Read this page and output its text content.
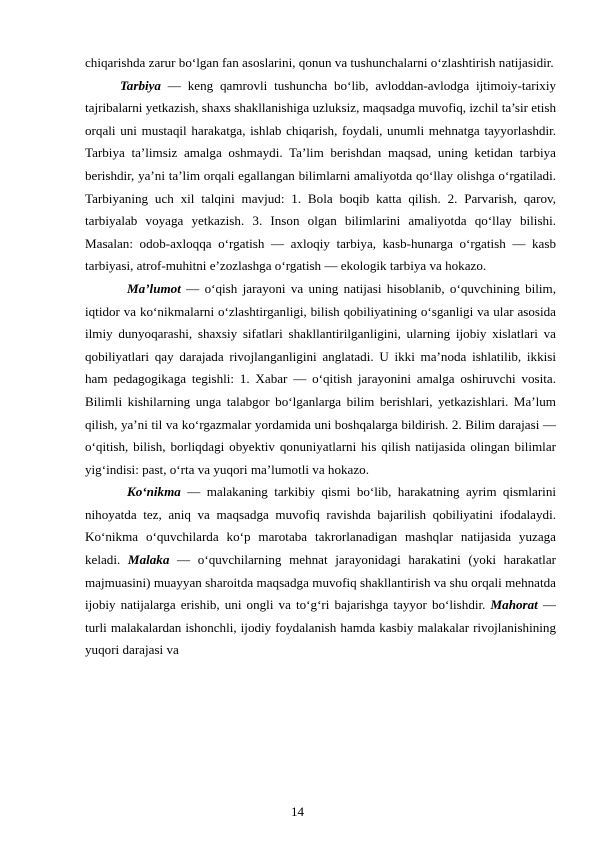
chiqarishda zarur bo‘lgan fan asoslarini, qonun va tushunchalarni o‘zlashtirish natijasidir.

Tarbiya — keng qamrovli tushuncha bo‘lib, avloddan-avlodga ijtimoiy-tarixiy tajribalarni yetkazish, shaxs shakllanishiga uzluksiz, maqsadga muvofiq, izchil ta’sir etish orqali uni mustaqil harakatga, ishlab chiqarish, foydali, unumli mehnatga tayyorlashdir. Tarbiya ta’limsiz amalga oshmaydi. Ta’lim berishdan maqsad, uning ketidan tarbiya berishdir, ya’ni ta’lim orqali egallangan bilimlarni amaliyotda qo‘llay olishga o‘rgatiladi. Tarbiyaning uch xil talqini mavjud: 1. Bola boqib katta qilish. 2. Parvarish, qarov, tarbiyalab voyaga yetkazish. 3. Inson olgan bilimlarini amaliyotda qo‘llay bilishi. Masalan: odob-axloqqa o‘rgatish — axloqiy tarbiya, kasb-hunarga o‘rgatish — kasb tarbiyasi, atrof-muhitni e’zozlashga o‘rgatish — ekologik tarbiya va hokazo.

Ma’lumot — o‘qish jarayoni va uning natijasi hisoblanib, o‘quvchining bilim, iqtidor va ko‘nikmalarni o‘zlashtirganligi, bilish qobiliyatining o‘sganligi va ular asosida ilmiy dunyoqarashi, shaxsiy sifatlari shakllantirilganligini, ularning ijobiy xislatlari va qobiliyatlari qay darajada rivojlanganligini anglatadi. U ikki ma’noda ishlatilib, ikkisi ham pedagogikaga tegishli: 1. Xabar — o‘qitish jarayonini amalga oshiruvchi vosita. Bilimli kishilarning unga talabgor bo‘lganlarga bilim berishlari, yetkazishlari. Ma’lum qilish, ya’ni til va ko‘rgazmalar yordamida uni boshqalarga bildirish. 2. Bilim darajasi — o‘qitish, bilish, borliqdagi obyektiv qonuniyatlarni his qilish natijasida olingan bilimlar yig‘indisi: past, o‘rta va yuqori ma’lumotli va hokazo.

Ko‘nikma — malakaning tarkibiy qismi bo‘lib, harakatning ayrim qismlarini nihoyatda tez, aniq va maqsadga muvofiq ravishda bajarilish qobiliyatini ifodalaydi. Ko‘nikma o‘quvchilarda ko‘p marotaba takrorlanadigan mashqlar natijasida yuzaga keladi. Malaka — o‘quvchilarning mehnat jarayonidagi harakatini (yoki harakatlar majmuasini) muayyan sharoitda maqsadga muvofiq shakllantirish va shu orqali mehnatda ijobiy natijalarga erishib, uni ongli va to‘g‘ri bajarishga tayyor bo‘lishdir. Mahorat — turli malakalardan ishonchli, ijodiy foydalanish hamda kasbiy malakalar rivojlanishining yuqori darajasi va

14
